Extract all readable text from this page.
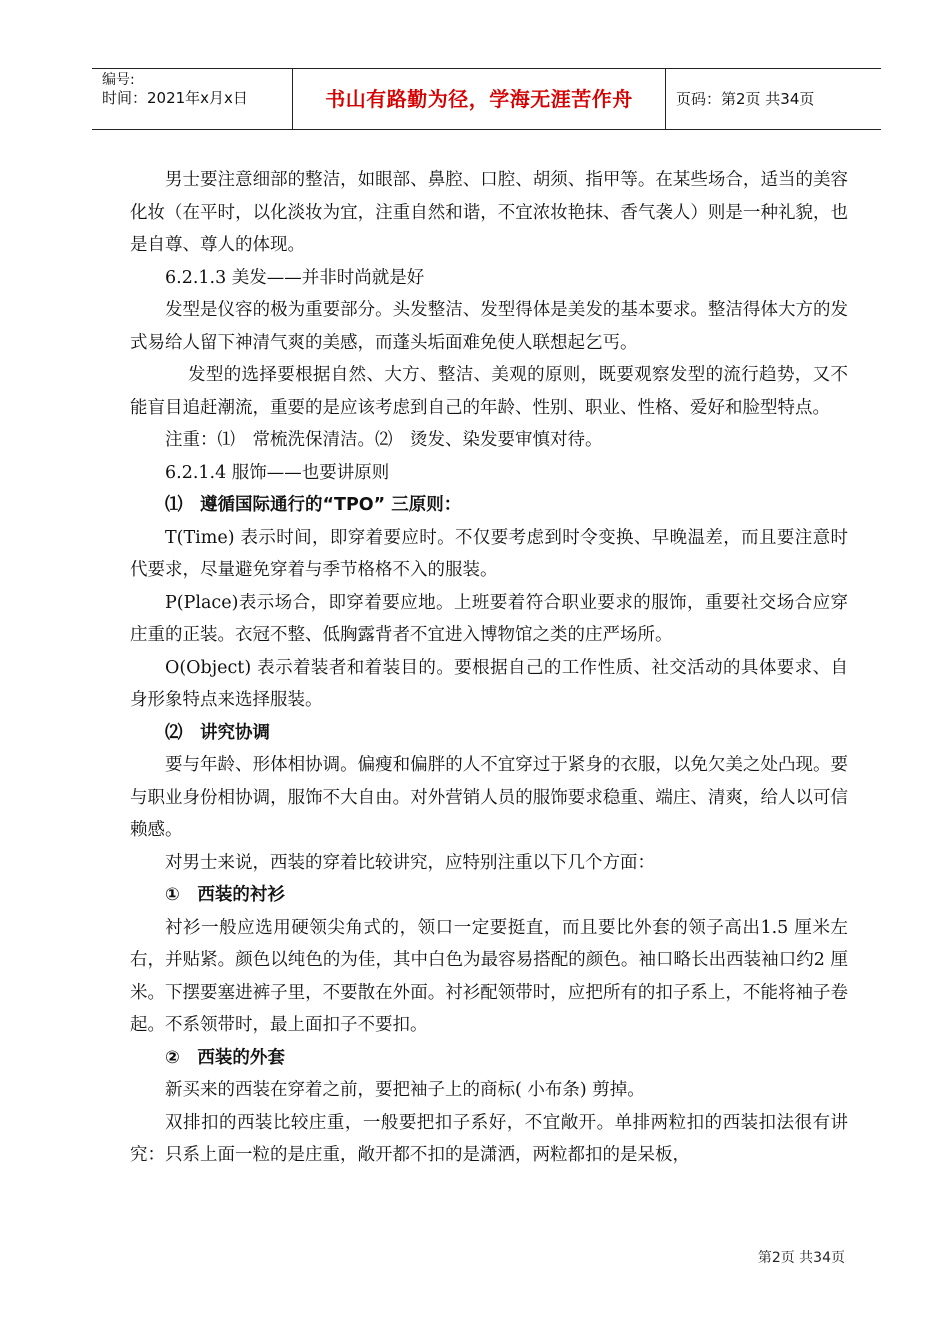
编号:
时间：2021年x月x日	书山有路勤为径，学海无涯苦作舟	页码：第2页 共34页

男士要注意细部的整洁，如眼部、鼻腔、口腔、胡须、指甲等。在某些场合，适当的美容化妆（在平时，以化淡妆为宜，注重自然和谐，不宜浓妆艳抹、香气袭人）则是一种礼貌，也是自尊、尊人的体现。

6.2.1.3 美发——并非时尚就是好

发型是仪容的极为重要部分。头发整洁、发型得体是美发的基本要求。整洁得体大方的发式易给人留下神清气爽的美感，而蓬头垢面难免使人联想起乞丐。

发型的选择要根据自然、大方、整洁、美观的原则，既要观察发型的流行趋势，又不能盲目追赶潮流，重要的是应该考虑到自己的年龄、性别、职业、性格、爱好和脸型特点。

注重：⑴　常梳洗保清洁。⑵　烫发、染发要审慎对待。

6.2.1.4 服饰——也要讲原则

⑴　遵循国际通行的“TPO” 三原则：

T(Time) 表示时间，即穿着要应时。不仅要考虑到时令变换、早晚温差，而且要注意时代要求，尽量避免穿着与季节格格不入的服装。

P(Place)表示场合，即穿着要应地。上班要着符合职业要求的服饰，重要社交场合应穿庄重的正装。衣冠不整、低胸露背者不宜进入博物馆之类的庄严场所。

O(Object) 表示着装者和着装目的。要根据自己的工作性质、社交活动的具体要求、自身形象特点来选择服装。

⑵　讲究协调

要与年龄、形体相协调。偏瘦和偏胖的人不宜穿过于紧身的衣服，以免欠美之处凸现。要与职业身份相协调，服饰不大自由。对外营销人员的服饰要求稳重、端庄、清爽，给人以可信赖感。

对男士来说，西装的穿着比较讲究，应特别注重以下几个方面：

①　西装的衬衫

衬衫一般应选用硬领尖角式的，领口一定要挺直，而且要比外套的领子高出1.5 厘米左右，并贴紧。颜色以纯色的为佳，其中白色为最容易搭配的颜色。袖口略长出西装袖口约2 厘米。下摆要塞进裤子里，不要散在外面。衬衫配领带时，应把所有的扣子系上，不能将袖子卷起。不系领带时，最上面扣子不要扣。

②　西装的外套

新买来的西装在穿着之前，要把袖子上的商标( 小布条) 剪掉。

双排扣的西装比较庄重，一般要把扣子系好，不宜敞开。单排两粒扣的西装扣法很有讲究：只系上面一粒的是庄重，敞开都不扣的是潇洒，两粒都扣的是呆板，

第2页 共34页
